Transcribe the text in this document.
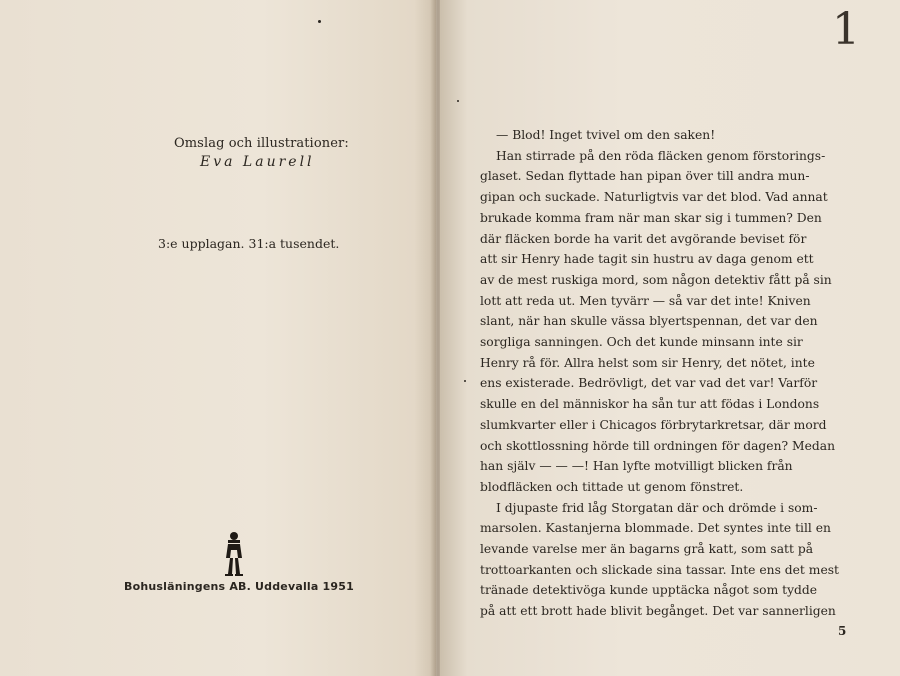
Omslag och illustrationer:
Eva Laurell
3:e upplagan. 31:a tusendet.
Bohusläningens AB. Uddevalla 1951
1
— Blod! Inget tvivel om den saken!
Han stirrade på den röda fläcken genom förstorings-
glaset. Sedan flyttade han pipan över till andra mun-
gipan och suckade. Naturligtvis var det blod. Vad annat
brukade komma fram när man skar sig i tummen? Den
där fläcken borde ha varit det avgörande beviset för
att sir Henry hade tagit sin hustru av daga genom ett
av de mest ruskiga mord, som någon detektiv fått på sin
lott att reda ut. Men tyvärr — så var det inte! Kniven
slant, när han skulle vässa blyertspennan, det var den
sorgliga sanningen. Och det kunde minsann inte sir
Henry rå för. Allra helst som sir Henry, det nötet, inte
ens existerade. Bedrövligt, det var vad det var! Varför
skulle en del människor ha sån tur att födas i Londons
slumkvarter eller i Chicagos förbrytarkretsar, där mord
och skottlossning hörde till ordningen för dagen? Medan
han själv — — —! Han lyfte motvilligt blicken från
blodfläcken och tittade ut genom fönstret.
I djupaste frid låg Storgatan där och drömde i som-
marsolen. Kastanjerna blommade. Det syntes inte till en
levande varelse mer än bagarns grå katt, som satt på
trottoarkanten och slickade sina tassar. Inte ens det mest
tränade detektivöga kunde upptäcka något som tydde
på att ett brott hade blivit begånget. Det var sannerligen
5
